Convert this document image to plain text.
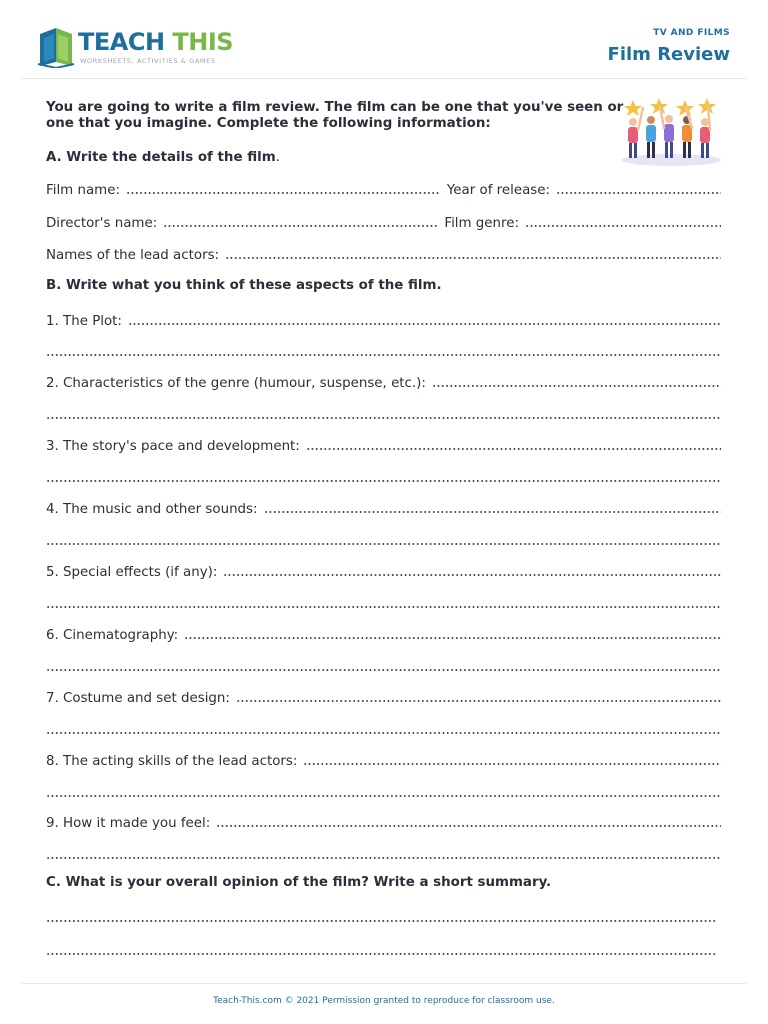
TEACH THIS
WORKSHEETS, ACTIVITIES & GAMES
TV AND FILMS
Film Review

You are going to write a film review. The film can be one that you've seen or one that you imagine. Complete the following information:

A. Write the details of the film.
Film name:	Year of release:
Director's name:	Film genre:
Names of the lead actors:
B. Write what you think of these aspects of the film.
1. The Plot:
2. Characteristics of the genre (humour, suspense, etc.):
3. The story's pace and development:
4. The music and other sounds:
5. Special effects (if any):
6. Cinematography:
7. Costume and set design:
8. The acting skills of the lead actors:
9. How it made you feel:
C. What is your overall opinion of the film? Write a short summary.
Teach-This.com © 2021 Permission granted to reproduce for classroom use.
